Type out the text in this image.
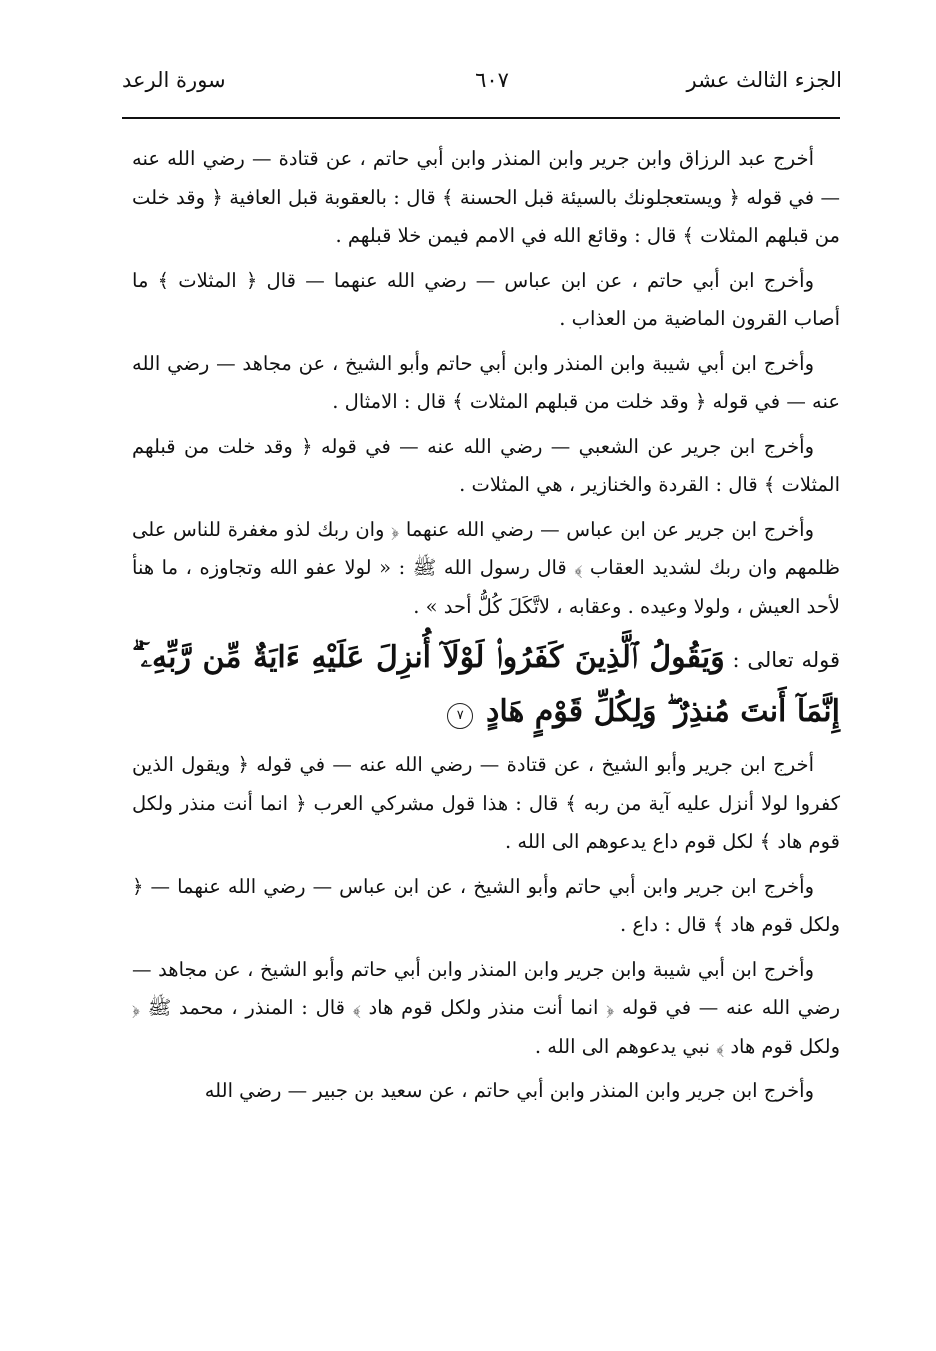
الجزء الثالث عشر
٦٠٧
سورة الرعد

أخرج عبد الرزاق وابن جرير وابن المنذر وابن أبي حاتم ، عن قتادة — رضي الله عنه — في قوله ﴿ ويستعجلونك بالسيئة قبل الحسنة ﴾ قال : بالعقوبة قبل العافية ﴿ وقد خلت من قبلهم المثلات ﴾ قال : وقائع الله في الامم فيمن خلا قبلهم .

وأخرج ابن أبي حاتم ، عن ابن عباس — رضي الله عنهما — قال ﴿ المثلات ﴾ ما أصاب القرون الماضية من العذاب .

وأخرج ابن أبي شيبة وابن المنذر وابن أبي حاتم وأبو الشيخ ، عن مجاهد — رضي الله عنه — في قوله ﴿ وقد خلت من قبلهم المثلات ﴾ قال : الامثال .

وأخرج ابن جرير عن الشعبي — رضي الله عنه — في قوله ﴿ وقد خلت من قبلهم المثلات ﴾ قال : القردة والخنازير ، هي المثلات .

وأخرج ابن جرير عن ابن عباس — رضي الله عنهما ﴿ وان ربك لذو مغفرة للناس على ظلمهم وان ربك لشديد العقاب ﴾ قال رسول الله ﷺ : « لولا عفو الله وتجاوزه ، ما هنأ لأحد العيش ، ولولا وعيده . وعقابه ، لاتَّكَلَ كُلُّ أحد » .

قوله تعالى : وَيَقُولُ ٱلَّذِينَ كَفَرُوا۟ لَوْلَآ أُنزِلَ عَلَيْهِ ءَايَةٌ مِّن رَّبِّهِۦٓ ۗ إِنَّمَآ أَنتَ مُنذِرٌ ۖ وَلِكُلِّ قَوْمٍ هَادٍ ٧

أخرج ابن جرير وأبو الشيخ ، عن قتادة — رضي الله عنه — في قوله ﴿ ويقول الذين كفروا لولا أنزل عليه آية من ربه ﴾ قال : هذا قول مشركي العرب ﴿ انما أنت منذر ولكل قوم هاد ﴾ لكل قوم داع يدعوهم الى الله .

وأخرج ابن جرير وابن أبي حاتم وأبو الشيخ ، عن ابن عباس — رضي الله عنهما — ﴿ ولكل قوم هاد ﴾ قال : داع .

وأخرج ابن أبي شيبة وابن جرير وابن المنذر وابن أبي حاتم وأبو الشيخ ، عن مجاهد — رضي الله عنه — في قوله ﴿ انما أنت منذر ولكل قوم هاد ﴾ قال : المنذر ، محمد ﷺ ﴿ ولكل قوم هاد ﴾ نبي يدعوهم الى الله .

وأخرج ابن جرير وابن المنذر وابن أبي حاتم ، عن سعيد بن جبير — رضي الله
